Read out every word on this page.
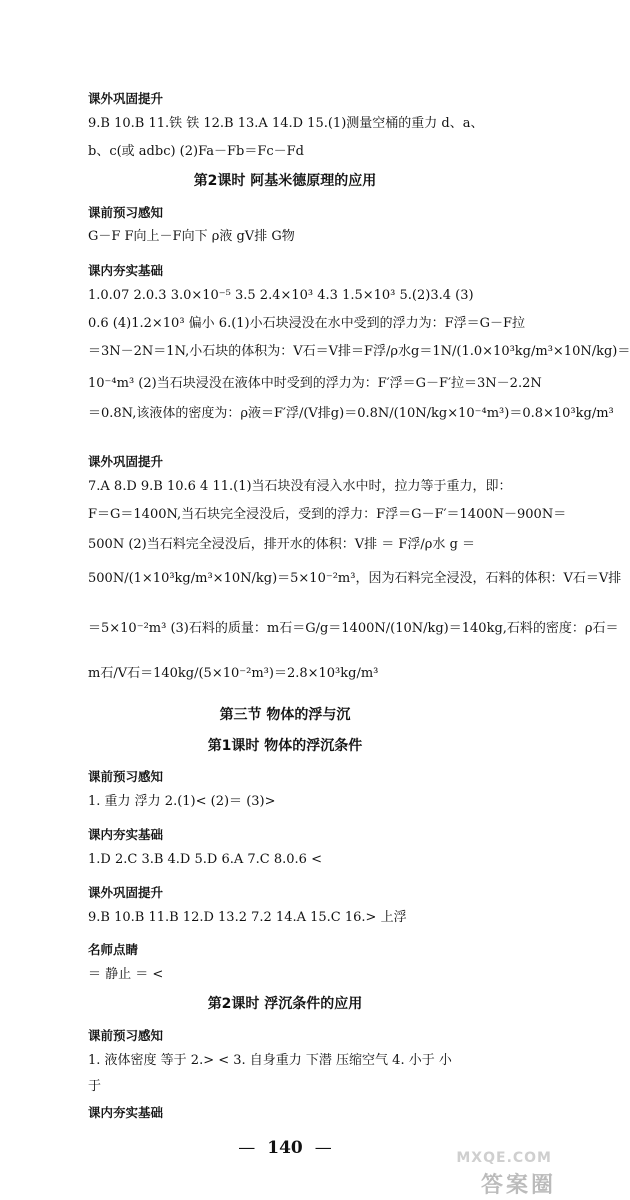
课外巩固提升
9.B 10.B 11.铁 铁 12.B 13.A 14.D 15.(1)测量空桶的重力 d、a、
b、c(或 adbc) (2)Fa－Fb＝Fc－Fd
第2课时 阿基米德原理的应用
课前预习感知
G－F F向上－F向下 ρ液 gV排 G物
课内夯实基础
1.0.07 2.0.3 3.0×10⁻⁵ 3.5 2.4×10³ 4.3 1.5×10³ 5.(2)3.4 (3)
0.6 (4)1.2×10³ 偏小 6.(1)小石块浸没在水中受到的浮力为：F浮＝G－F拉
＝3N－2N＝1N,小石块的体积为：V石＝V排＝F浮/ρ水g＝1N/(1.0×10³kg/m³×10N/kg)＝
10⁻⁴m³ (2)当石块浸没在液体中时受到的浮力为：F′浮＝G－F′拉＝3N－2.2N
＝0.8N,该液体的密度为：ρ液＝F′浮/(V排g)＝0.8N/(10N/kg×10⁻⁴m³)＝0.8×10³kg/m³
课外巩固提升
7.A 8.D 9.B 10.6 4 11.(1)当石块没有浸入水中时，拉力等于重力，即：
F＝G＝1400N,当石块完全浸没后，受到的浮力：F浮＝G－F′＝1400N－900N＝
500N (2)当石料完全浸没后，排开水的体积：V排 ＝ F浮/ρ水 g ＝
500N/(1×10³kg/m³×10N/kg)＝5×10⁻²m³，因为石料完全浸没，石料的体积：V石＝V排
＝5×10⁻²m³ (3)石料的质量：m石＝G/g＝1400N/(10N/kg)＝140kg,石料的密度：ρ石＝
m石/V石＝140kg/(5×10⁻²m³)＝2.8×10³kg/m³
第三节 物体的浮与沉
第1课时 物体的浮沉条件
课前预习感知
1. 重力 浮力 2.(1)< (2)＝ (3)>
课内夯实基础
1.D 2.C 3.B 4.D 5.D 6.A 7.C 8.0.6 <
课外巩固提升
9.B 10.B 11.B 12.D 13.2 7.2 14.A 15.C 16.> 上浮
名师点睛
＝ 静止 ＝ <
第2课时 浮沉条件的应用
课前预习感知
1. 液体密度 等于 2.> < 3. 自身重力 下潜 压缩空气 4. 小于 小
于
课内夯实基础
— 140 —	MXQE.COM
答案圈
